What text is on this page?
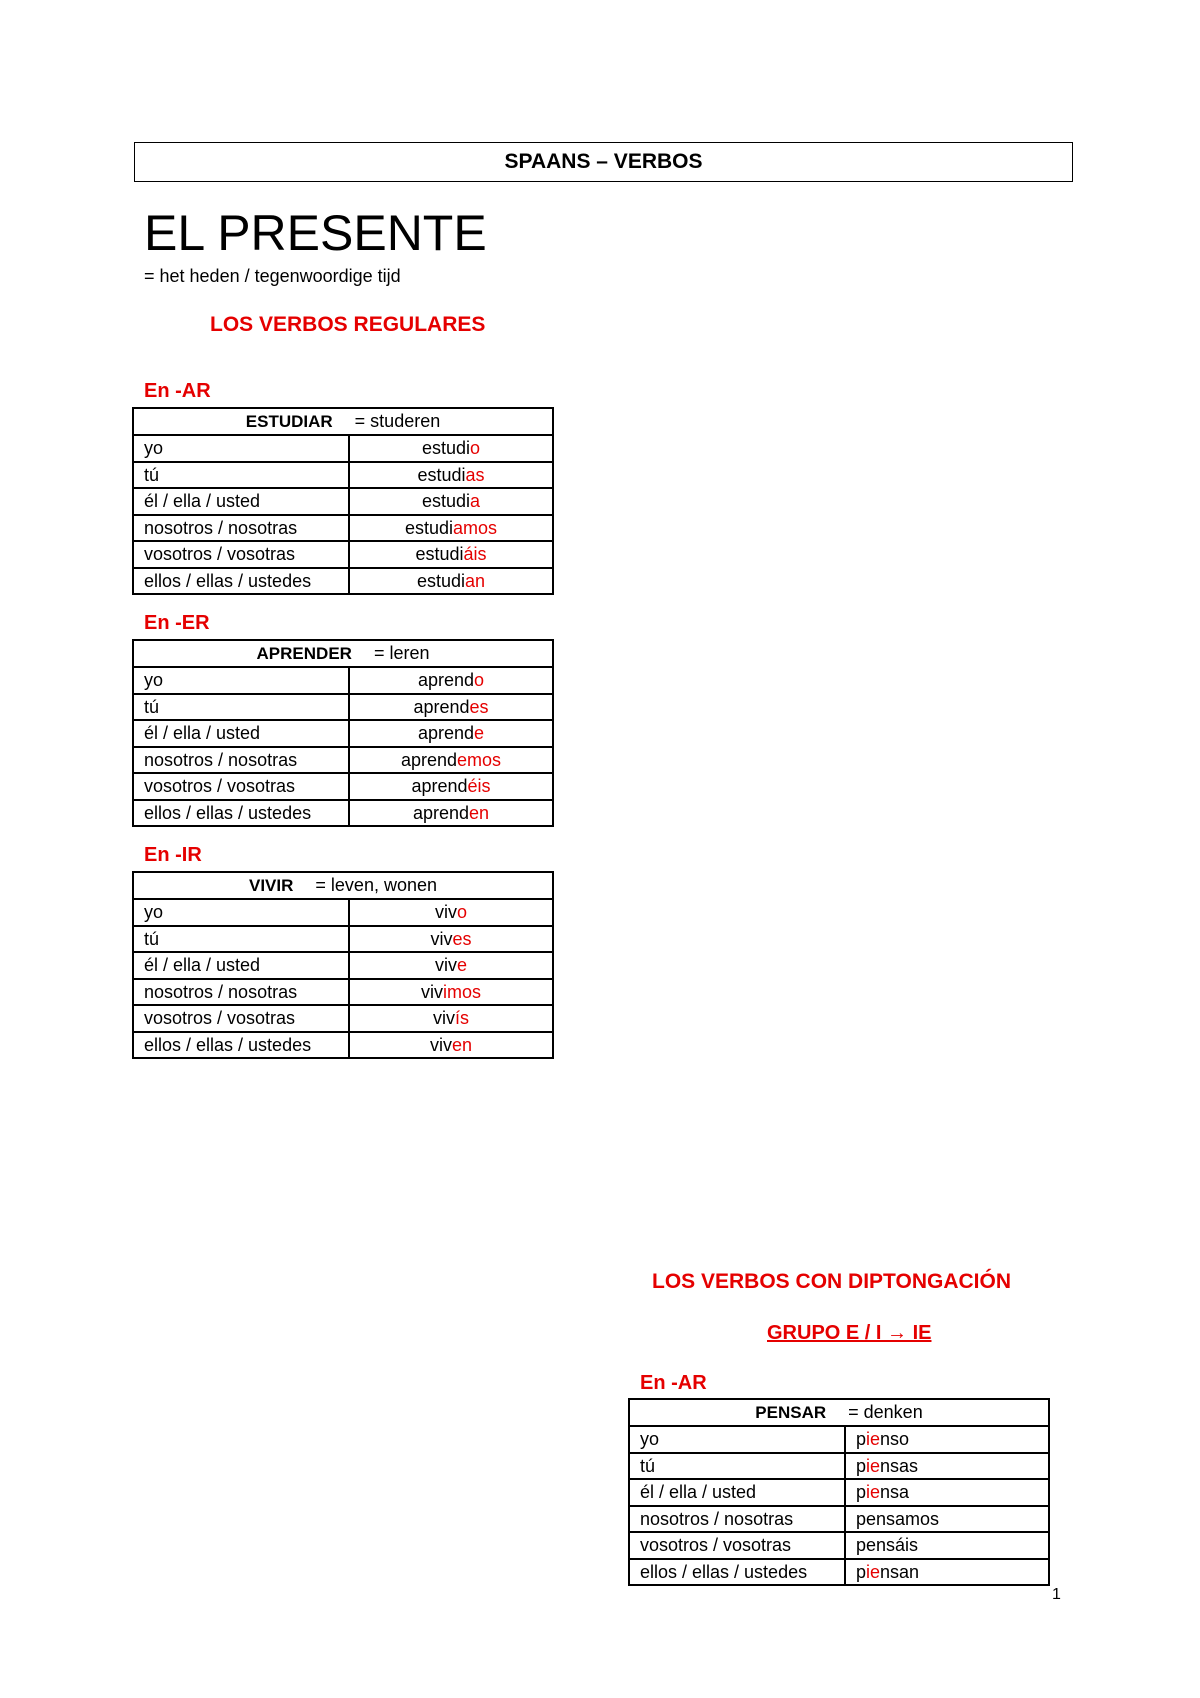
SPAANS – VERBOS
EL PRESENTE
= het heden / tegenwoordige tijd
LOS VERBOS REGULARES
En -AR
ESTUDIAR = studeren	
yo	estudio
tú	estudias
él / ella / usted	estudia
nosotros / nosotras	estudiamos
vosotros / vosotras	estudiáis
ellos / ellas / ustedes	estudian
En -ER
APRENDER = leren	
yo	aprendo
tú	aprendes
él / ella / usted	aprende
nosotros / nosotras	aprendemos
vosotros / vosotras	aprendéis
ellos / ellas / ustedes	aprenden
En -IR
VIVIR = leven, wonen	
yo	vivo
tú	vives
él / ella / usted	vive
nosotros / nosotras	vivimos
vosotros / vosotras	vivís
ellos / ellas / ustedes	viven
LOS VERBOS CON DIPTONGACIÓN
GRUPO E / I → IE
En -AR
PENSAR = denken	
yo	pienso
tú	piensas
él / ella / usted	piensa
nosotros / nosotras	pensamos
vosotros / vosotras	pensáis
ellos / ellas / ustedes	piensan
1
